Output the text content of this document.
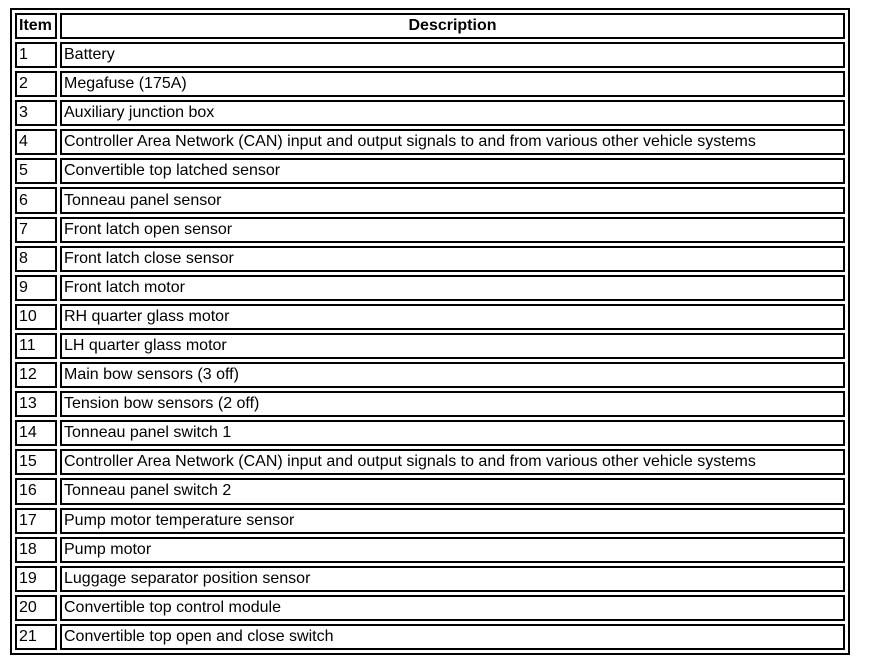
Item	Description
1	Battery
2	Megafuse (175A)
3	Auxiliary junction box
4	Controller Area Network (CAN) input and output signals to and from various other vehicle systems
5	Convertible top latched sensor
6	Tonneau panel sensor
7	Front latch open sensor
8	Front latch close sensor
9	Front latch motor
10	RH quarter glass motor
11	LH quarter glass motor
12	Main bow sensors (3 off)
13	Tension bow sensors (2 off)
14	Tonneau panel switch 1
15	Controller Area Network (CAN) input and output signals to and from various other vehicle systems
16	Tonneau panel switch 2
17	Pump motor temperature sensor
18	Pump motor
19	Luggage separator position sensor
20	Convertible top control module
21	Convertible top open and close switch
